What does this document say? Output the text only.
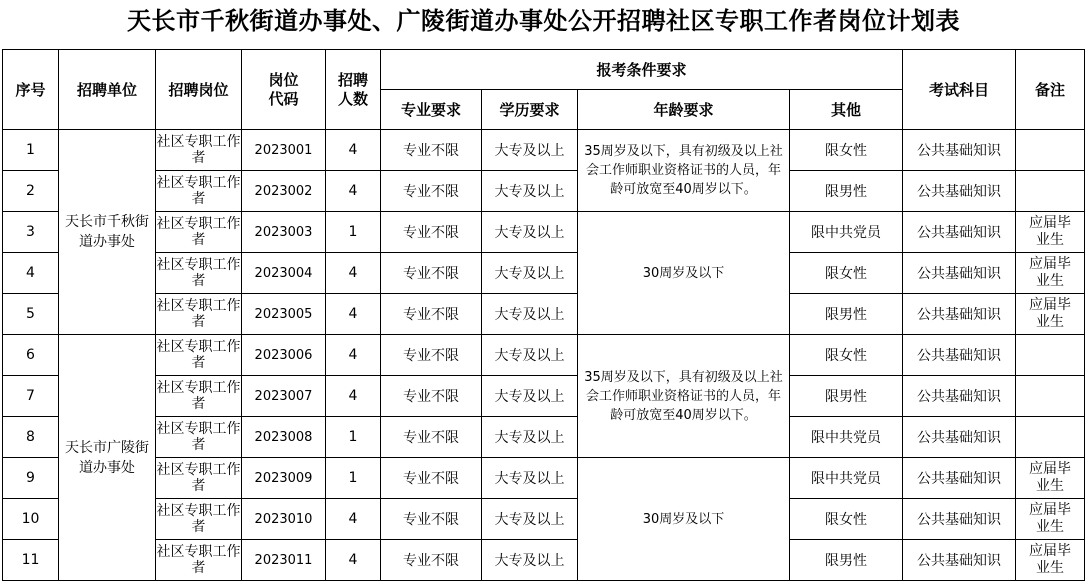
天长市千秋街道办事处、广陵街道办事处公开招聘社区专职工作者岗位计划表
序号	招聘单位	招聘岗位	岗位代码	招聘人数	报考条件要求				考试科目	备注
					专业要求	学历要求	年龄要求	其他		
1	天长市千秋街道办事处	社区专职工作者	2023001	4	专业不限	大专及以上	35周岁及以下，具有初级及以上社会工作师职业资格证书的人员，年龄可放宽至40周岁以下。	限女性	公共基础知识	
2		社区专职工作者	2023002	4	专业不限	大专及以上		限男性	公共基础知识	
3		社区专职工作者	2023003	1	专业不限	大专及以上	30周岁及以下	限中共党员	公共基础知识	应届毕业生

4		社区专职工作者	2023004	4	专业不限	大专及以上		限女性	公共基础知识	应届毕业生

5		社区专职工作者	2023005	4	专业不限	大专及以上		限男性	公共基础知识	应届毕业生

6	天长市广陵街道办事处	社区专职工作者	2023006	4	专业不限	大专及以上	35周岁及以下，具有初级及以上社会工作师职业资格证书的人员，年龄可放宽至40周岁以下。	限女性	公共基础知识	
7		社区专职工作者	2023007	4	专业不限	大专及以上		限男性	公共基础知识	
8		社区专职工作者	2023008	1	专业不限	大专及以上		限中共党员	公共基础知识	
9		社区专职工作者	2023009	1	专业不限	大专及以上	30周岁及以下	限中共党员	公共基础知识	应届毕业生

10		社区专职工作者	2023010	4	专业不限	大专及以上		限女性	公共基础知识	应届毕业生

11		社区专职工作者	2023011	4	专业不限	大专及以上		限男性	公共基础知识	应届毕业生
